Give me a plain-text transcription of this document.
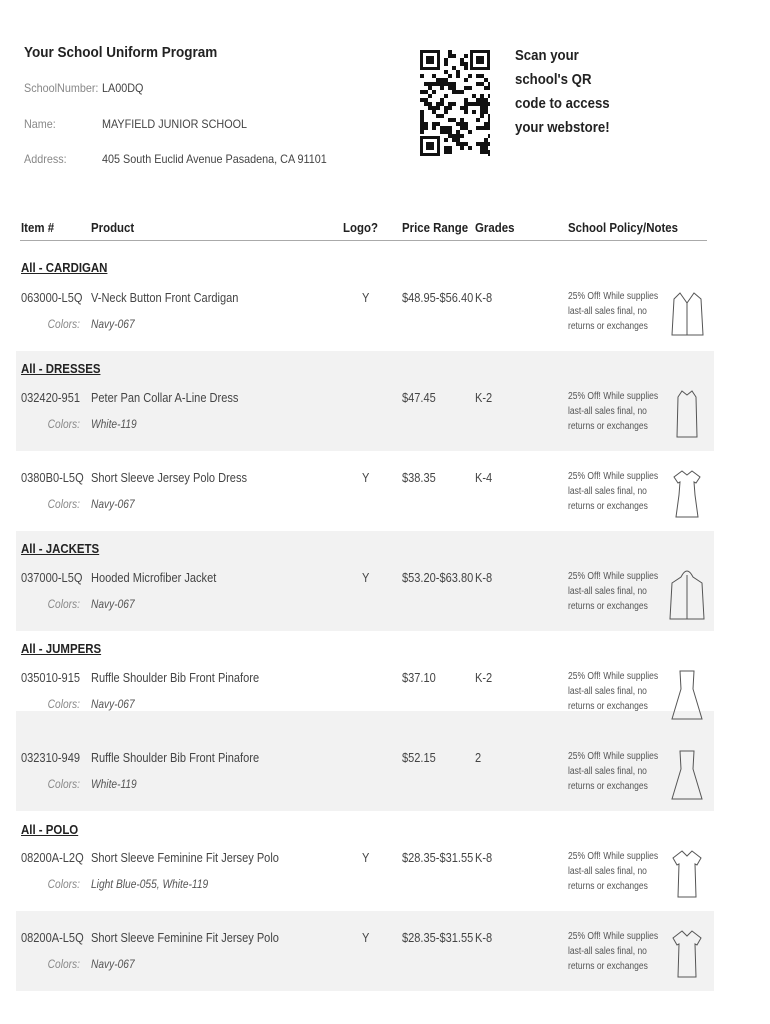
Your School Uniform Program
SchoolNumber: LA00DQ
Name:	MAYFIELD JUNIOR SCHOOL
Address:	405 South Euclid Avenue Pasadena, CA 91101
Scan your school's QR code to access your webstore!
Item #	Product	Logo? Price Range Grades	School Policy/Notes
All - CARDIGAN
All - DRESSES
All - JACKETS
All - JUMPERS
All - POLO
063000-L5Q V-Neck Button Front Cardigan	Y	$48.95-$56.40 K-8
Colors: Navy-067
25% Off! While supplies last-all sales final, no returns or exchanges
032420-951 Peter Pan Collar A-Line Dress	$47.45	K-2
Colors: White-119
25% Off! While supplies last-all sales final, no returns or exchanges
0380B0-L5Q Short Sleeve Jersey Polo Dress	Y	$38.35	K-4
Colors: Navy-067
25% Off! While supplies last-all sales final, no returns or exchanges
037000-L5Q Hooded Microfiber Jacket	Y	$53.20-$63.80 K-8
Colors: Navy-067
25% Off! While supplies last-all sales final, no returns or exchanges
035010-915 Ruffle Shoulder Bib Front Pinafore	$37.10	K-2
Colors: Navy-067
25% Off! While supplies last-all sales final, no returns or exchanges
032310-949 Ruffle Shoulder Bib Front Pinafore	$52.15	2
Colors: White-119
25% Off! While supplies last-all sales final, no returns or exchanges
08200A-L2Q Short Sleeve Feminine Fit Jersey Polo	Y	$28.35-$31.55 K-8
Colors: Light Blue-055, White-119
25% Off! While supplies last-all sales final, no returns or exchanges
08200A-L5Q Short Sleeve Feminine Fit Jersey Polo	Y	$28.35-$31.55 K-8
Colors: Navy-067
25% Off! While supplies last-all sales final, no returns or exchanges
